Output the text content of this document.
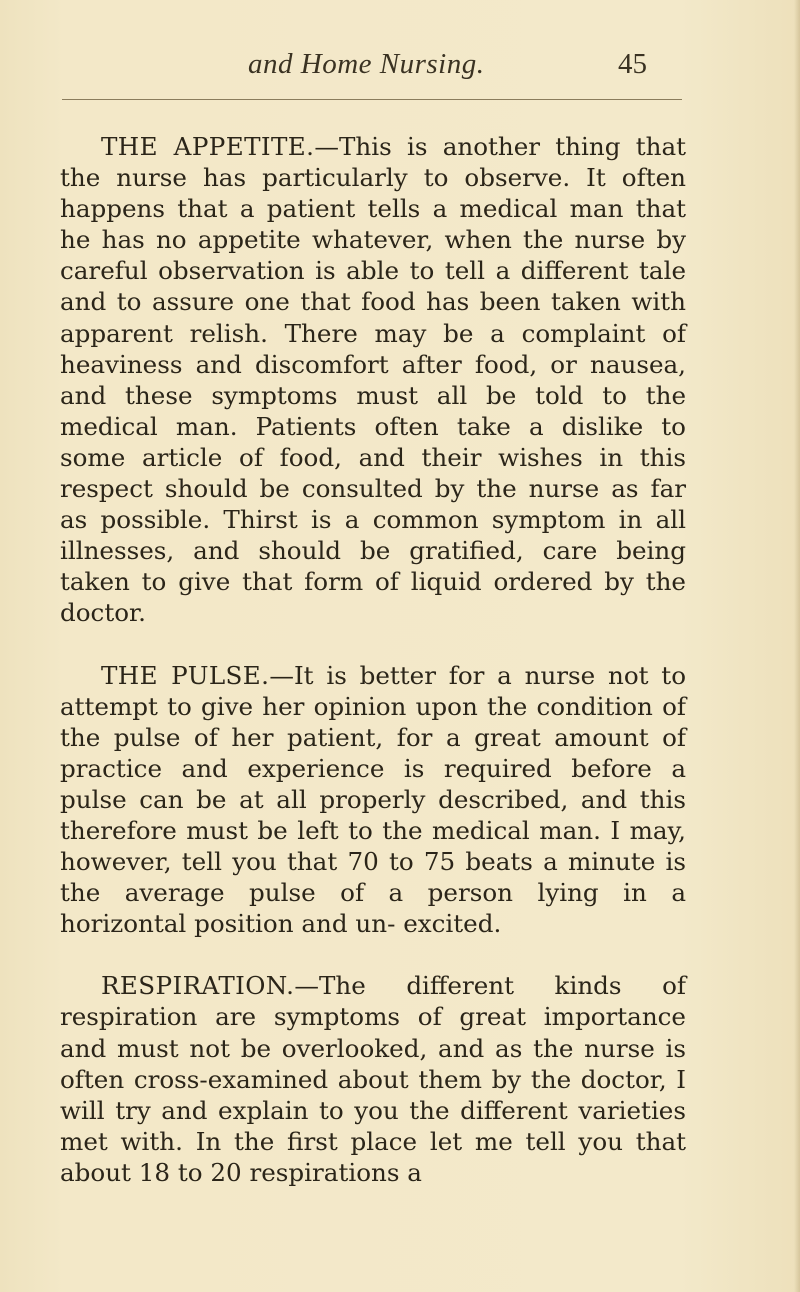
and Home Nursing.	45

THE APPETITE.—This is another thing that the nurse has particularly to observe. It often happens that a patient tells a medical man that he has no appetite whatever, when the nurse by careful observation is able to tell a different tale and to assure one that food has been taken with apparent relish. There may be a complaint of heaviness and discomfort after food, or nausea, and these symptoms must all be told to the medical man. Patients often take a dislike to some article of food, and their wishes in this respect should be consulted by the nurse as far as possible. Thirst is a common symptom in all illnesses, and should be gratified, care being taken to give that form of liquid ordered by the doctor.

THE PULSE.—It is better for a nurse not to attempt to give her opinion upon the condition of the pulse of her patient, for a great amount of practice and experience is required before a pulse can be at all properly described, and this therefore must be left to the medical man. I may, however, tell you that 70 to 75 beats a minute is the average pulse of a person lying in a horizontal position and un- excited.

RESPIRATION.—The different kinds of respiration are symptoms of great importance and must not be overlooked, and as the nurse is often cross-examined about them by the doctor, I will try and explain to you the different varieties met with. In the first place let me tell you that about 18 to 20 respirations a
